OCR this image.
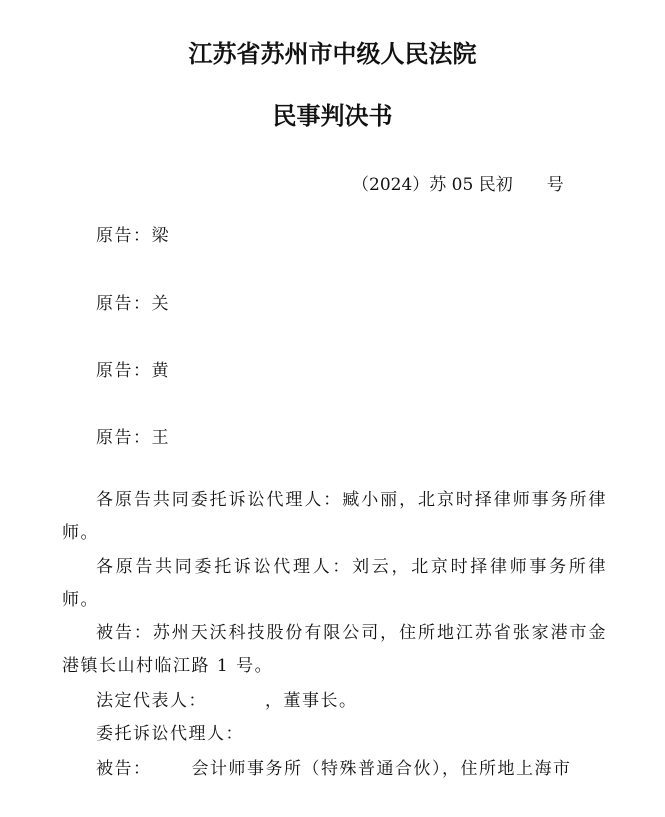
江苏省苏州市中级人民法院
民事判决书
（2024）苏 05 民初　　号
原告：梁
原告：关
原告：黄
原告：王
各原告共同委托诉讼代理人：臧小丽，北京时择律师事务所律师。
各原告共同委托诉讼代理人：刘云，北京时择律师事务所律师。
被告：苏州天沃科技股份有限公司，住所地江苏省张家港市金港镇长山村临江路 1 号。
法定代表人：	，董事长。
委托诉讼代理人：
被告： 会计师事务所（特殊普通合伙），住所地上海市
